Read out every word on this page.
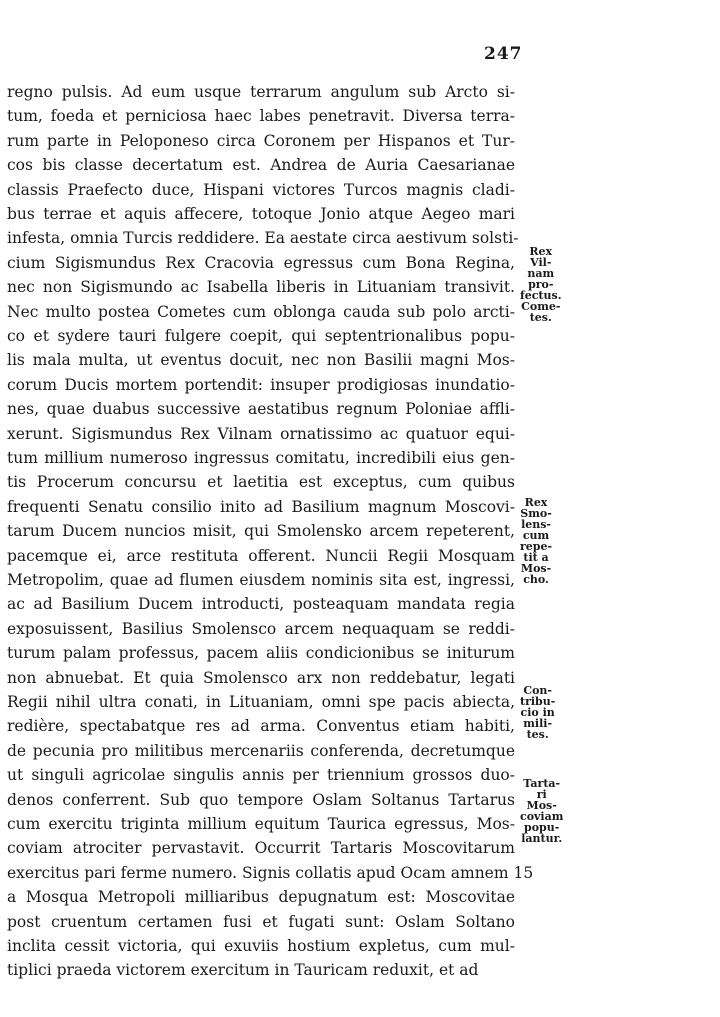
247
regno pulsis. Ad eum usque terrarum angulum sub Arcto si-
tum, foeda et perniciosa haec labes penetravit. Diversa terra-
rum parte in Peloponeso circa Coronem per Hispanos et Tur-
cos bis classe decertatum est. Andrea de Auria Caesarianae
classis Praefecto duce, Hispani victores Turcos magnis cladi-
bus terrae et aquis affecere, totoque Jonio atque Aegeo mari
infesta, omnia Turcis reddidere. Ea aestate circa aestivum solsti-
cium Sigismundus Rex Cracovia egressus cum Bona Regina,
nec non Sigismundo ac Isabella liberis in Lituaniam transivit.
Nec multo postea Cometes cum oblonga cauda sub polo arcti-
co et sydere tauri fulgere coepit, qui septentrionalibus popu-
lis mala multa, ut eventus docuit, nec non Basilii magni Mos-
corum Ducis mortem portendit: insuper prodigiosas inundatio-
nes, quae duabus successive aestatibus regnum Poloniae affli-
xerunt. Sigismundus Rex Vilnam ornatissimo ac quatuor equi-
tum millium numeroso ingressus comitatu, incredibili eius gen-
tis Procerum concursu et laetitia est exceptus, cum quibus
frequenti Senatu consilio inito ad Basilium magnum Moscovi-
tarum Ducem nuncios misit, qui Smolensko arcem repeterent,
pacemque ei, arce restituta offerent. Nuncii Regii Mosquam
Metropolim, quae ad flumen eiusdem nominis sita est, ingressi,
ac ad Basilium Ducem introducti, posteaquam mandata regia
exposuissent, Basilius Smolensco arcem nequaquam se reddi-
turum palam professus, pacem aliis condicionibus se initurum
non abnuebat. Et quia Smolensco arx non reddebatur, legati
Regii nihil ultra conati, in Lituaniam, omni spe pacis abiecta,
redière, spectabatque res ad arma. Conventus etiam habiti,
de pecunia pro militibus mercenariis conferenda, decretumque
ut singuli agricolae singulis annis per triennium grossos duo-
denos conferrent. Sub quo tempore Oslam Soltanus Tartarus
cum exercitu triginta millium equitum Taurica egressus, Mos-
coviam atrociter pervastavit. Occurrit Tartaris Moscovitarum
exercitus pari ferme numero. Signis collatis apud Ocam amnem 15
a Mosqua Metropoli milliaribus depugnatum est: Moscovitae
post cruentum certamen fusi et fugati sunt: Oslam Soltano
inclita cessit victoria, qui exuviis hostium expletus, cum mul-
tiplici praeda victorem exercitum in Tauricam reduxit, et ad
Rex
Vil-
nam
pro-
fectus.
Come-
tes.
Rex
Smo-
lens-
cum
repe-
tit a
Mos-
cho.
Con-
tribu-
cio in
mili-
tes.
Tarta-
ri
Mos-
coviam
popu-
lantur.
